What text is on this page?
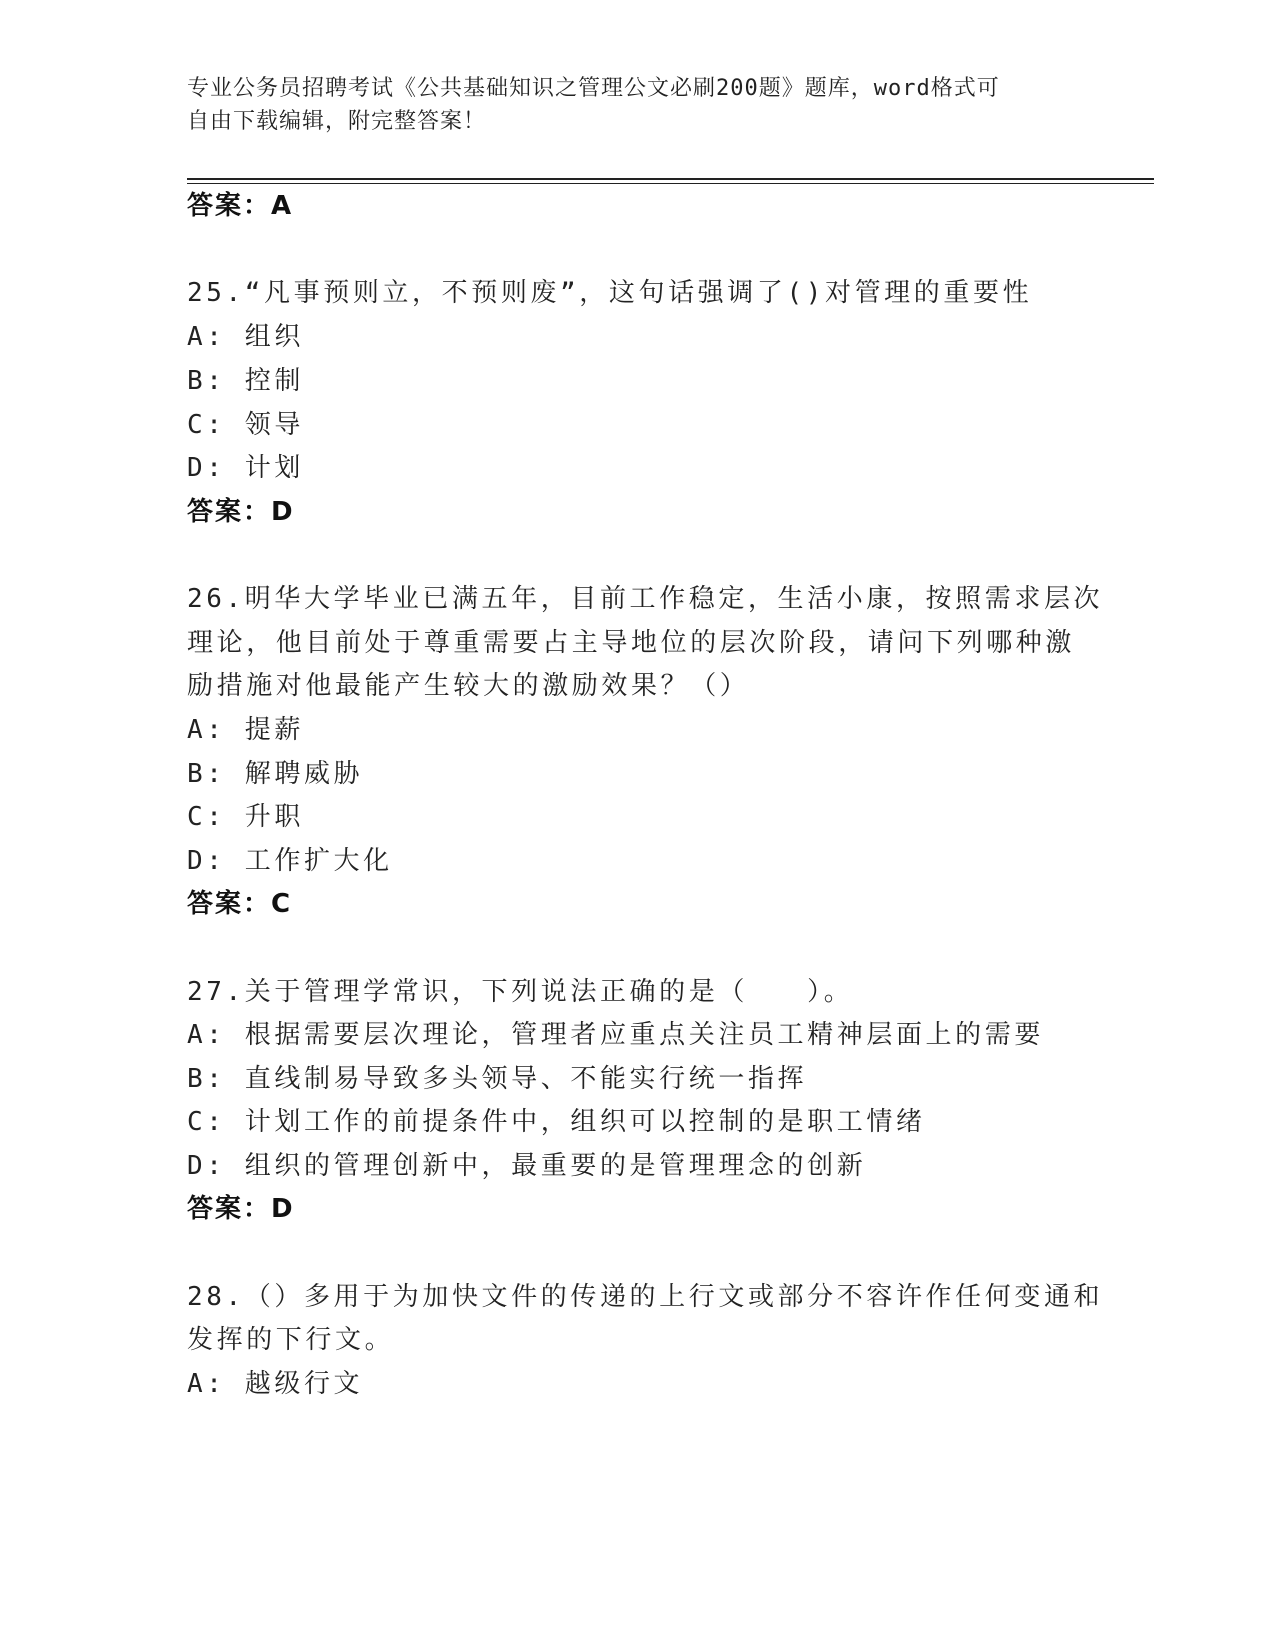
专业公务员招聘考试《公共基础知识之管理公文必刷200题》题库，word格式可
自由下载编辑，附完整答案！
答案：A
25.“凡事预则立，不预则废”，这句话强调了()对管理的重要性
A: 组织
B: 控制
C: 领导
D: 计划
答案：D
26.明华大学毕业已满五年，目前工作稳定，生活小康，按照需求层次
理论，他目前处于尊重需要占主导地位的层次阶段，请问下列哪种激
励措施对他最能产生较大的激励效果？（）
A: 提薪
B: 解聘威胁
C: 升职
D: 工作扩大化
答案：C
27.关于管理学常识，下列说法正确的是（　　）。
A: 根据需要层次理论，管理者应重点关注员工精神层面上的需要
B: 直线制易导致多头领导、不能实行统一指挥
C: 计划工作的前提条件中，组织可以控制的是职工情绪
D: 组织的管理创新中，最重要的是管理理念的创新
答案：D
28.（）多用于为加快文件的传递的上行文或部分不容许作任何变通和
发挥的下行文。
A: 越级行文
